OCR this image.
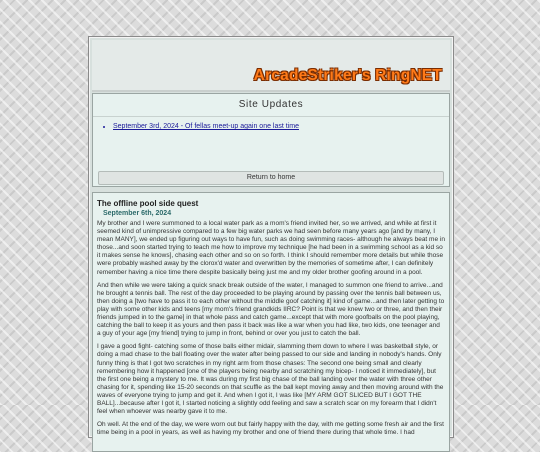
ArcadeStriker's RingNET
Site Updates
• September 3rd, 2024 - Of fellas meet-up again one last time
Return to home
The offline pool side quest
September 6th, 2024

My brother and I were summoned to a local water park as a mom's friend invited her, so we arrived, and while at first it seemed kind of unimpressive compared to a few big water parks we had seen before many years ago [and by many, I mean MANY], we ended up figuring out ways to have fun, such as doing swimming races- although he always beat me in those...and soon started trying to teach me how to improve my technique [he had been in a swimming school as a kid so it makes sense he knows], chasing each other and so on so forth. I think I should remember more details but while those were probably washed away by the clorox'd water and overwritten by the memories of sometime after, I can definitely remember having a nice time there despite basically being just me and my older brother goofing around in a pool.

And then while we were taking a quick snack break outside of the water, I managed to summon one friend to arrive...and he brought a tennis ball. The rest of the day proceeded to be playing around by passing over the tennis ball between us, then doing a [two have to pass it to each other without the middle goof catching it] kind of game...and then later getting to play with some other kids and teens [my mom's friend grandkids IIRC? Point is that we knew two or three, and then their friends jumped in to the game] in that whole pass and catch game...except that with more goofballs on the pool playing, catching the ball to keep it as yours and then pass it back was like a war when you had like, two kids, one teenager and a guy of your age [my friend] trying to jump in front, behind or over you just to catch the ball.

I gave a good fight- catching some of those balls either midair, slamming them down to where I was basketball style, or doing a mad chase to the ball floating over the water after being passed to our side and landing in nobody's hands. Only funny thing is that I got two scratches in my right arm from those chases: The second one being small and clearly remembering how it happened [one of the players being nearby and scratching my bicep- I noticed it immediately], but the first one being a mystery to me. It was during my first big chase of the ball landing over the water with three other chasing for it, spending like 15-20 seconds on that scuffle as the ball kept moving away and then moving around with the waves of everyone trying to jump and get it. And when I got it, I was like [MY ARM GOT SLICED BUT I GOT THE BALL]...because after I got it, I started noticing a slightly odd feeling and saw a scratch scar on my forearm that I didn't feel when whoever was nearby gave it to me.

Oh well. At the end of the day, we were worn out but fairly happy with the day, with me getting some fresh air and the first time being in a pool in years, as well as having my brother and one of friend there during that whole time. I had
